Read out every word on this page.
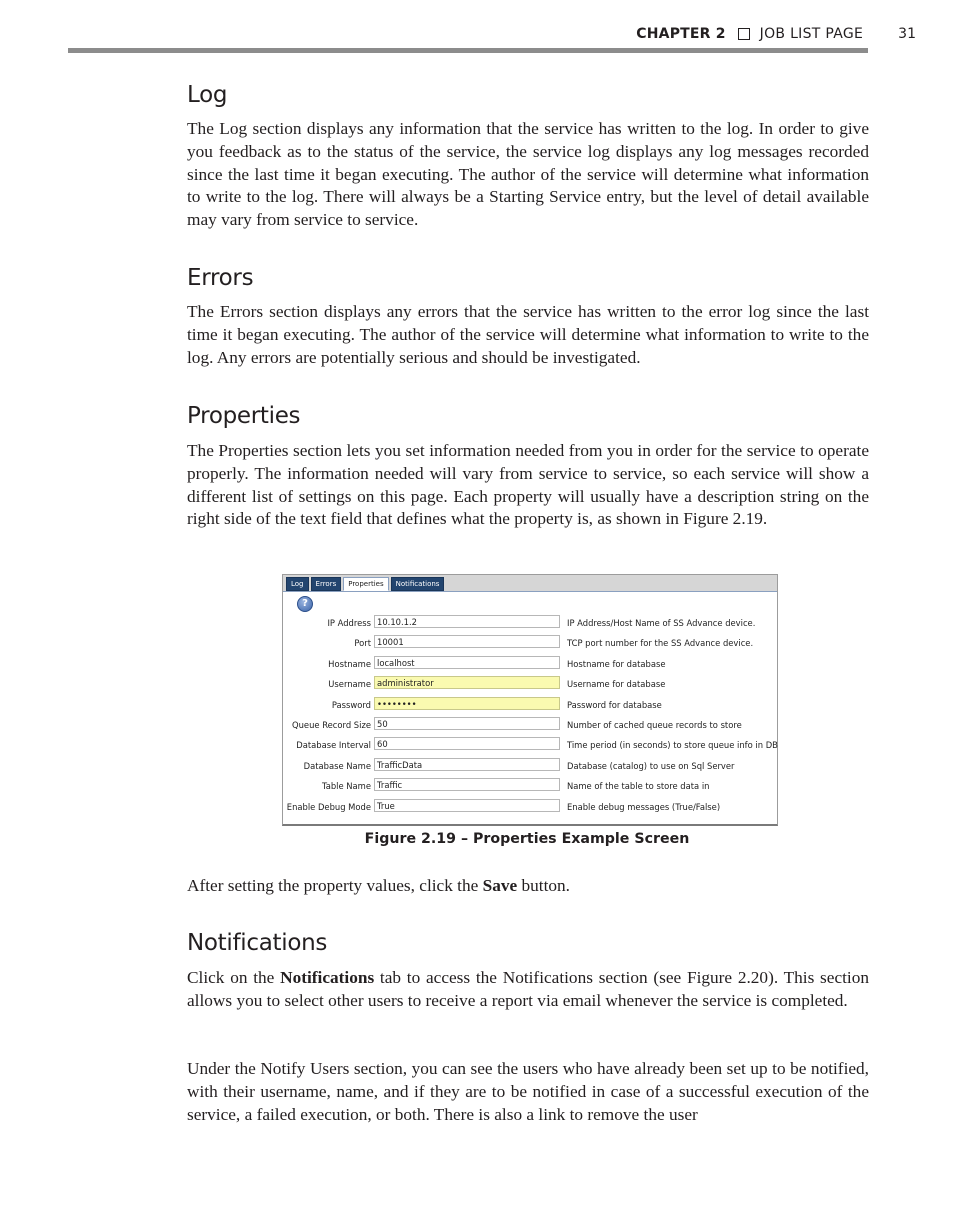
CHAPTER 2 JOB LIST PAGE	31
Log

The Log section displays any information that the service has written to the log. In order to give you feedback as to the status of the service, the service log displays any log messages recorded since the last time it began executing. The author of the service will determine what information to write to the log. There will always be a Starting Service entry, but the level of detail available may vary from service to service.

Errors

The Errors section displays any errors that the service has written to the error log since the last time it began executing. The author of the service will determine what information to write to the log. Any errors are potentially serious and should be investigated.

Properties

The Properties section lets you set information needed from you in order for the service to operate properly. The information needed will vary from service to service, so each service will show a different list of settings on this page. Each property will usually have a description string on the right side of the text field that defines what the property is, as shown in Figure 2.19.

After setting the property values, click the Save button.

Notifications

Click on the Notifications tab to access the Notifications section (see Figure 2.20). This section allows you to select other users to receive a report via email whenever the service is completed.

Under the Notify Users section, you can see the users who have already been set up to be notified, with their username, name, and if they are to be notified in case of a successful execution of the service, a failed execution, or both. There is also a link to remove the user

Log	Errors	Properties	Notifications
?
IP Address 10.10.1.2	IP Address/Host Name of SS Advance device.
Port 10001	TCP port number for the SS Advance device.
Hostname localhost	Hostname for database
Username administrator	Username for database
Password ••••••••	Password for database
Queue Record Size 50	Number of cached queue records to store
Database Interval 60	Time period (in seconds) to store queue info in DB
Database Name TrafficData	Database (catalog) to use on Sql Server
Table Name Traffic	Name of the table to store data in
Enable Debug Mode True	Enable debug messages (True/False)
Figure 2.19 – Properties Example Screen
